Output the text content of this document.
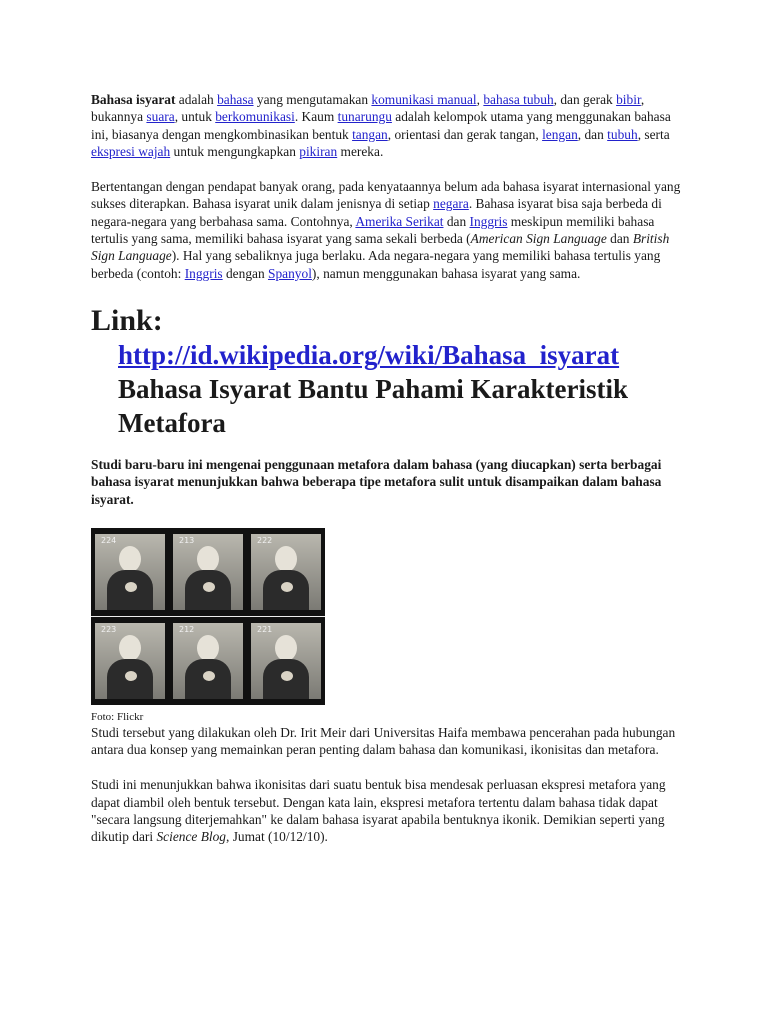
Bahasa isyarat adalah bahasa yang mengutamakan komunikasi manual, bahasa tubuh, dan gerak bibir, bukannya suara, untuk berkomunikasi. Kaum tunarungu adalah kelompok utama yang menggunakan bahasa ini, biasanya dengan mengkombinasikan bentuk tangan, orientasi dan gerak tangan, lengan, dan tubuh, serta ekspresi wajah untuk mengungkapkan pikiran mereka.

Bertentangan dengan pendapat banyak orang, pada kenyataannya belum ada bahasa isyarat internasional yang sukses diterapkan. Bahasa isyarat unik dalam jenisnya di setiap negara. Bahasa isyarat bisa saja berbeda di negara-negara yang berbahasa sama. Contohnya, Amerika Serikat dan Inggris meskipun memiliki bahasa tertulis yang sama, memiliki bahasa isyarat yang sama sekali berbeda (American Sign Language dan British Sign Language). Hal yang sebaliknya juga berlaku. Ada negara-negara yang memiliki bahasa tertulis yang berbeda (contoh: Inggris dengan Spanyol), namun menggunakan bahasa isyarat yang sama.

Link:
http://id.wikipedia.org/wiki/Bahasa_isyarat
Bahasa Isyarat Bantu Pahami Karakteristik Metafora

Studi baru-baru ini mengenai penggunaan metafora dalam bahasa (yang diucapkan) serta berbagai bahasa isyarat menunjukkan bahwa beberapa tipe metafora sulit untuk disampaikan dalam bahasa isyarat.

224	213	222
223	212	221
Foto: Flickr

Studi tersebut yang dilakukan oleh Dr. Irit Meir dari Universitas Haifa membawa pencerahan pada hubungan antara dua konsep yang memainkan peran penting dalam bahasa dan komunikasi, ikonisitas dan metafora.

Studi ini menunjukkan bahwa ikonisitas dari suatu bentuk bisa mendesak perluasan ekspresi metafora yang dapat diambil oleh bentuk tersebut. Dengan kata lain, ekspresi metafora tertentu dalam bahasa tidak dapat "secara langsung diterjemahkan" ke dalam bahasa isyarat apabila bentuknya ikonik. Demikian seperti yang dikutip dari Science Blog, Jumat (10/12/10).
